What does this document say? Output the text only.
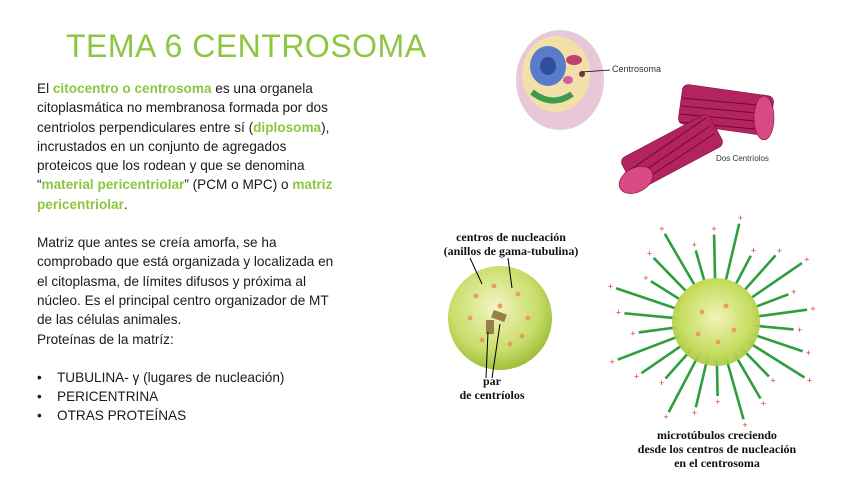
TEMA 6 CENTROSOMA

El citocentro o centrosoma es una organela citoplasmática no membranosa formada por dos centriolos perpendiculares entre sí (diplosoma), incrustados en un conjunto de agregados proteicos que los rodean y que se denomina “material pericentriolar” (PCM o MPC) o matriz pericentriolar.

Matriz que antes se creía amorfa, se ha comprobado que está organizada y localizada en el citoplasma, de límites difusos y próxima al núcleo. Es el principal centro organizador de MT de las células animales.

Proteínas de la matríz:

• TUBULINA- γ (lugares de nucleación)
• PERICENTRINA
• OTRAS PROTEÍNAS
Centrosoma
Dos Centríolos
centros de nucleación
(anillos de gama-tubulina)
par
de centríolos
+
+
+
+
+
+
+
+
+
+
+
+
+
+
+
+
+
+
+
+
+
+ +
+
+
+
microtúbulos creciendo
desde los centros de nucleación
en el centrosoma
